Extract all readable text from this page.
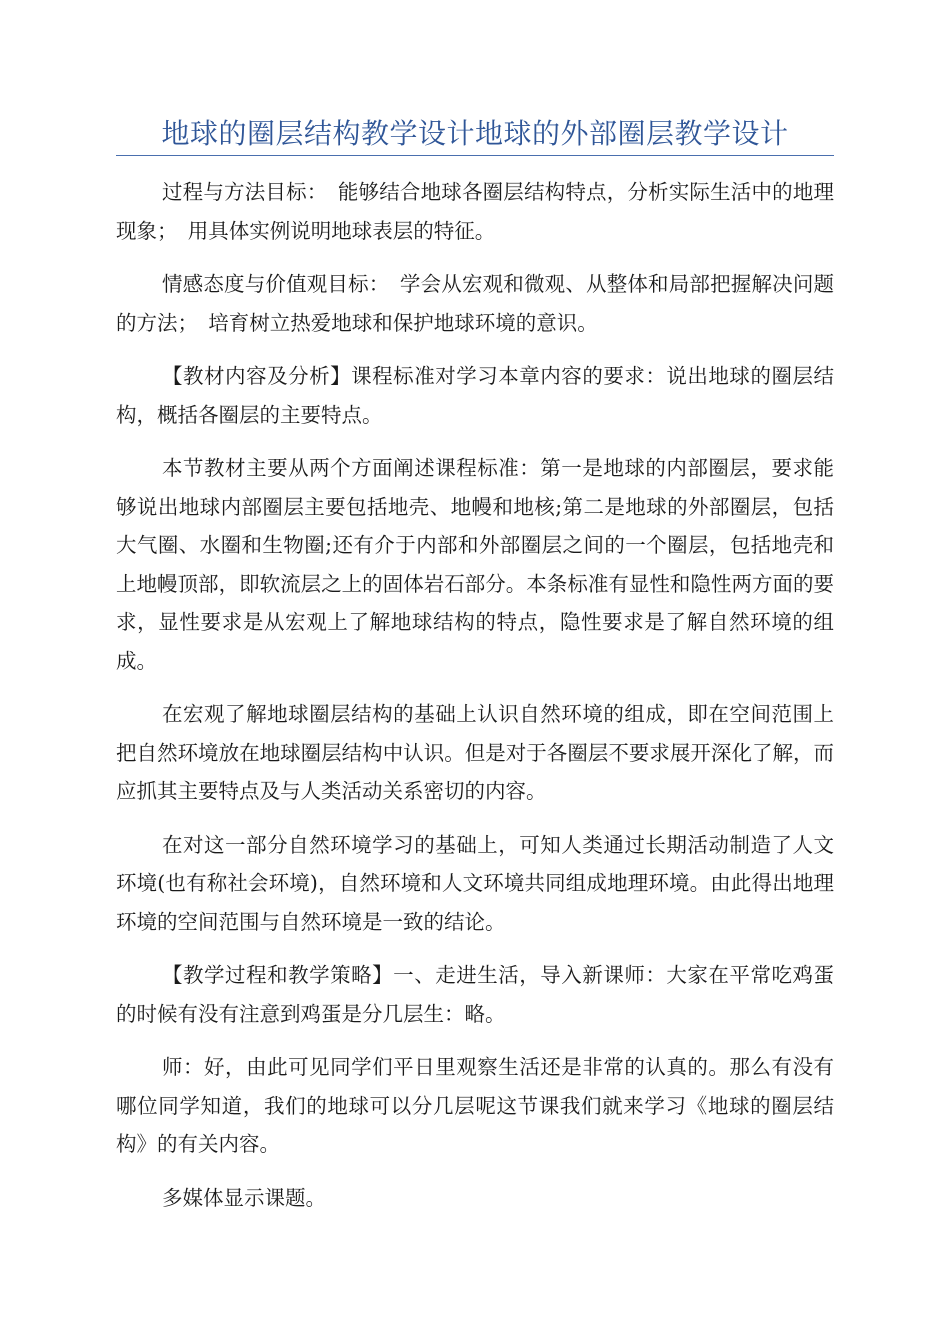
地球的圈层结构教学设计地球的外部圈层教学设计

过程与方法目标：　能够结合地球各圈层结构特点，分析实际生活中的地理现象；　用具体实例说明地球表层的特征。

情感态度与价值观目标：　学会从宏观和微观、从整体和局部把握解决问题的方法；　培育树立热爱地球和保护地球环境的意识。

【教材内容及分析】课程标准对学习本章内容的要求：说出地球的圈层结构，概括各圈层的主要特点。

本节教材主要从两个方面阐述课程标准：第一是地球的内部圈层，要求能够说出地球内部圈层主要包括地壳、地幔和地核;第二是地球的外部圈层，包括大气圈、水圈和生物圈;还有介于内部和外部圈层之间的一个圈层，包括地壳和上地幔顶部，即软流层之上的固体岩石部分。本条标准有显性和隐性两方面的要求，显性要求是从宏观上了解地球结构的特点，隐性要求是了解自然环境的组成。

在宏观了解地球圈层结构的基础上认识自然环境的组成，即在空间范围上把自然环境放在地球圈层结构中认识。但是对于各圈层不要求展开深化了解，而应抓其主要特点及与人类活动关系密切的内容。

在对这一部分自然环境学习的基础上，可知人类通过长期活动制造了人文环境(也有称社会环境)，自然环境和人文环境共同组成地理环境。由此得出地理环境的空间范围与自然环境是一致的结论。

【教学过程和教学策略】一、走进生活，导入新课师：大家在平常吃鸡蛋的时候有没有注意到鸡蛋是分几层生：略。

师：好，由此可见同学们平日里观察生活还是非常的认真的。那么有没有哪位同学知道，我们的地球可以分几层呢这节课我们就来学习《地球的圈层结构》的有关内容。

多媒体显示课题。
